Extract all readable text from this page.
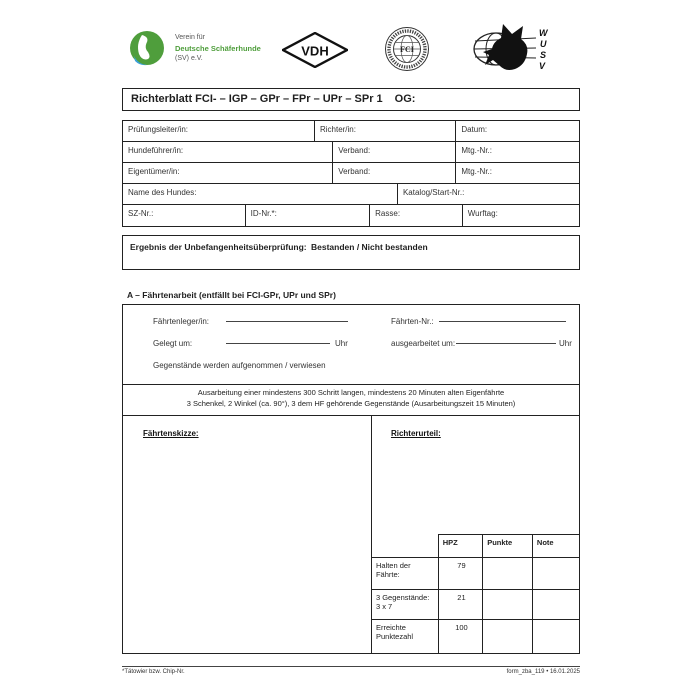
Verein für
Deutsche Schäferhunde
(SV) e.V.
VDH	FCI
W
U
S
V
Richterblatt FCI- – IGP – GPr – FPr – UPr – SPr 1 OG:
Prüfungsleiter/in:	Richter/in:	Datum:
Hundeführer/in:	Verband:	Mtg.-Nr.:
Eigentümer/in:	Verband:	Mtg.-Nr.:
Name des Hundes:	Katalog/Start-Nr.:
SZ-Nr.:	ID-Nr.*:	Rasse:	Wurftag:
Ergebnis der Unbefangenheitsüberprüfung: Bestanden / Nicht bestanden
A – Fährtenarbeit (entfällt bei FCI-GPr, UPr und SPr)
Fährtenleger/in:	Fährten-Nr.:
Gelegt um:	Uhr	ausgearbeitet um:	Uhr
Gegenstände werden aufgenommen / verwiesen
Ausarbeitung einer mindestens 300 Schritt langen, mindestens 20 Minuten alten Eigenfährte
3 Schenkel, 2 Winkel (ca. 90°), 3 dem HF gehörende Gegenstände (Ausarbeitungszeit 15 Minuten)
Fährtenskizze:	Richterurteil:
	HPZ	Punkte	Note
Halten der
Fährte:	79		
3 Gegenstände:
3 x 7	21		
Erreichte
Punktezahl	100		
*Tätowier bzw. Chip-Nr.	form_zba_119 • 16.01.2025
